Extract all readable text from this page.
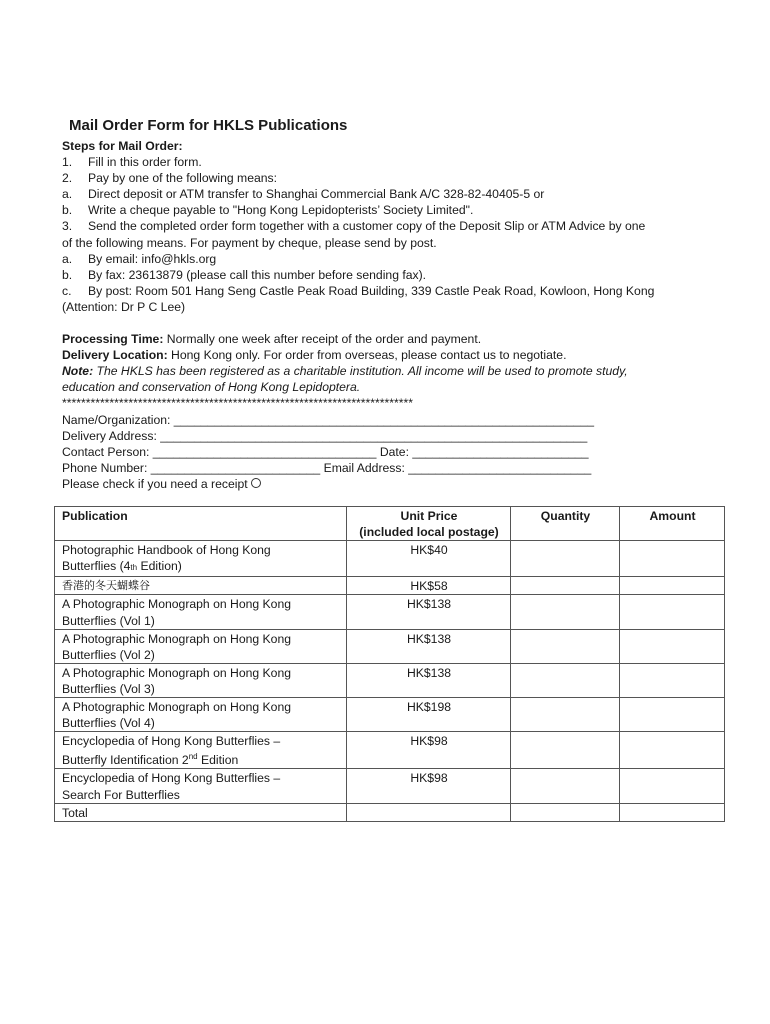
Mail Order Form for HKLS Publications
Steps for Mail Order:
1. Fill in this order form.
2. Pay by one of the following means:
a. Direct deposit or ATM transfer to Shanghai Commercial Bank A/C 328-82-40405-5 or
b. Write a cheque payable to "Hong Kong Lepidopterists’ Society Limited".
3. Send the completed order form together with a customer copy of the Deposit Slip or ATM Advice by one
of the following means. For payment by cheque, please send by post.
a. By email: info@hkls.org
b. By fax: 23613879 (please call this number before sending fax).
c. By post: Room 501 Hang Seng Castle Peak Road Building, 339 Castle Peak Road, Kowloon, Hong Kong
(Attention: Dr P C Lee)
Processing Time: Normally one week after receipt of the order and payment.
Delivery Location: Hong Kong only. For order from overseas, please contact us to negotiate.
Note: The HKLS has been registered as a charitable institution. All income will be used to promote study,
education and conservation of Hong Kong Lepidoptera.
**************************************************************************
Name/Organization: ______________________________________________________________
Delivery Address: _______________________________________________________________
Contact Person: _________________________________ Date: __________________________
Phone Number: _________________________ Email Address: ___________________________
Please check if you need a receipt
Publication	Unit Price
(included local postage)	Quantity	Amount
Photographic Handbook of Hong Kong
Butterflies (4th Edition)	HK$40		
香港的冬天蝴蝶谷	HK$58		
A Photographic Monograph on Hong Kong
Butterflies (Vol 1)	HK$138		
A Photographic Monograph on Hong Kong
Butterflies (Vol 2)	HK$138		
A Photographic Monograph on Hong Kong
Butterflies (Vol 3)	HK$138		
A Photographic Monograph on Hong Kong
Butterflies (Vol 4)	HK$198		
Encyclopedia of Hong Kong Butterflies –
Butterfly Identification 2nd Edition	HK$98		
Encyclopedia of Hong Kong Butterflies –
Search For Butterflies	HK$98		
Total			
